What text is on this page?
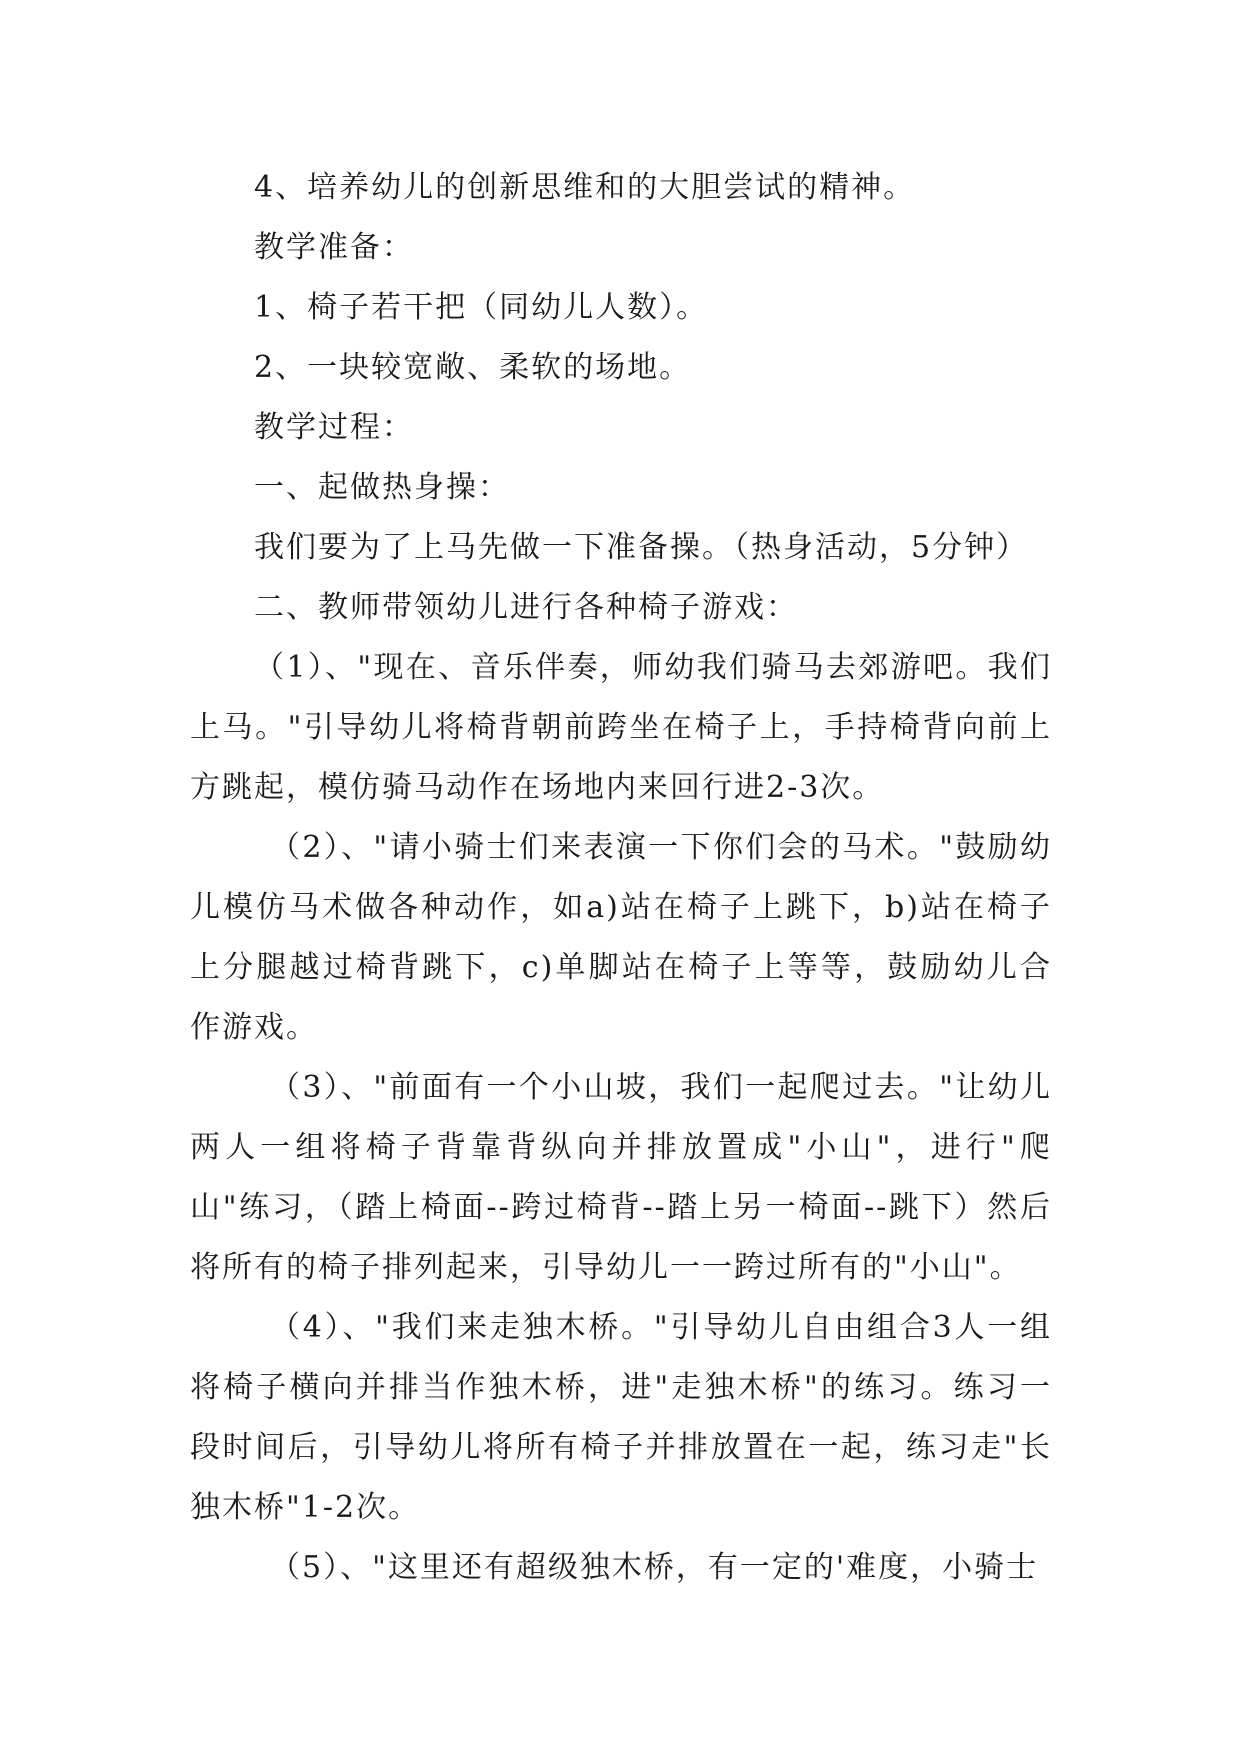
4、培养幼儿的创新思维和的大胆尝试的精神。

教学准备：

1、椅子若干把（同幼儿人数）。

2、一块较宽敞、柔软的场地。

教学过程：

一、起做热身操：

我们要为了上马先做一下准备操。（热身活动，5分钟）

二、教师带领幼儿进行各种椅子游戏：

（1）、"现在、音乐伴奏，师幼我们骑马去郊游吧。我们上马。"引导幼儿将椅背朝前跨坐在椅子上，手持椅背向前上方跳起，模仿骑马动作在场地内来回行进2-3次。

（2）、"请小骑士们来表演一下你们会的马术。"鼓励幼儿模仿马术做各种动作，如a)站在椅子上跳下，b)站在椅子上分腿越过椅背跳下，c)单脚站在椅子上等等，鼓励幼儿合作游戏。

（3）、"前面有一个小山坡，我们一起爬过去。"让幼儿两人一组将椅子背靠背纵向并排放置成"小山"，进行"爬山"练习，（踏上椅面--跨过椅背--踏上另一椅面--跳下）然后将所有的椅子排列起来，引导幼儿一一跨过所有的"小山"。

（4）、"我们来走独木桥。"引导幼儿自由组合3人一组将椅子横向并排当作独木桥，进"走独木桥"的练习。练习一段时间后，引导幼儿将所有椅子并排放置在一起，练习走"长独木桥"1-2次。

（5）、"这里还有超级独木桥，有一定的'难度，小骑士
